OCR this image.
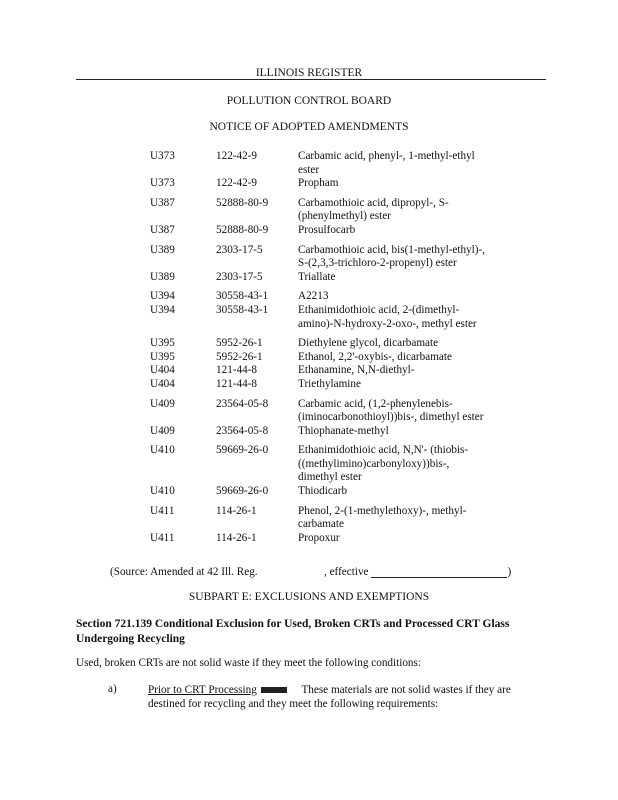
ILLINOIS REGISTER
POLLUTION CONTROL BOARD
NOTICE OF ADOPTED AMENDMENTS
U373	122-42-9	Carbamic acid, phenyl-, 1-methyl-ethyl ester
U373	122-42-9	Propham
U387	52888-80-9	Carbamothioic acid, dipropyl-, S-(phenylmethyl) ester
U387	52888-80-9	Prosulfocarb
U389	2303-17-5	Carbamothioic acid, bis(1-methyl-ethyl)-, S-(2,3,3-trichloro-2-propenyl) ester
U389	2303-17-5	Triallate
U394	30558-43-1	A2213
U394	30558-43-1	Ethanimidothioic acid, 2-(dimethyl-amino)-N-hydroxy-2-oxo-, methyl ester
U395	5952-26-1	Diethylene glycol, dicarbamate
U395	5952-26-1	Ethanol, 2,2'-oxybis-, dicarbamate
U404	121-44-8	Ethanamine, N,N-diethyl-
U404	121-44-8	Triethylamine
U409	23564-05-8	Carbamic acid, (1,2-phenylenebis-(iminocarbonothioyl))bis-, dimethyl ester
U409	23564-05-8	Thiophanate-methyl
U410	59669-26-0	Ethanimidothioic acid, N,N'- (thiobis-((methylimino)carbonyloxy))bis-, dimethyl ester
U410	59669-26-0	Thiodicarb
U411	114-26-1	Phenol, 2-(1-methylethoxy)-, methyl-carbamate
U411	114-26-1	Propoxur
(Source: Amended at 42 Ill. Reg.	, effective	)
SUBPART E: EXCLUSIONS AND EXEMPTIONS
Section 721.139 Conditional Exclusion for Used, Broken CRTs and Processed CRT Glass Undergoing Recycling
Used, broken CRTs are not solid waste if they meet the following conditions:
a)	Prior to CRT Processing	These materials are not solid wastes if they are destined for recycling and they meet the following requirements:
